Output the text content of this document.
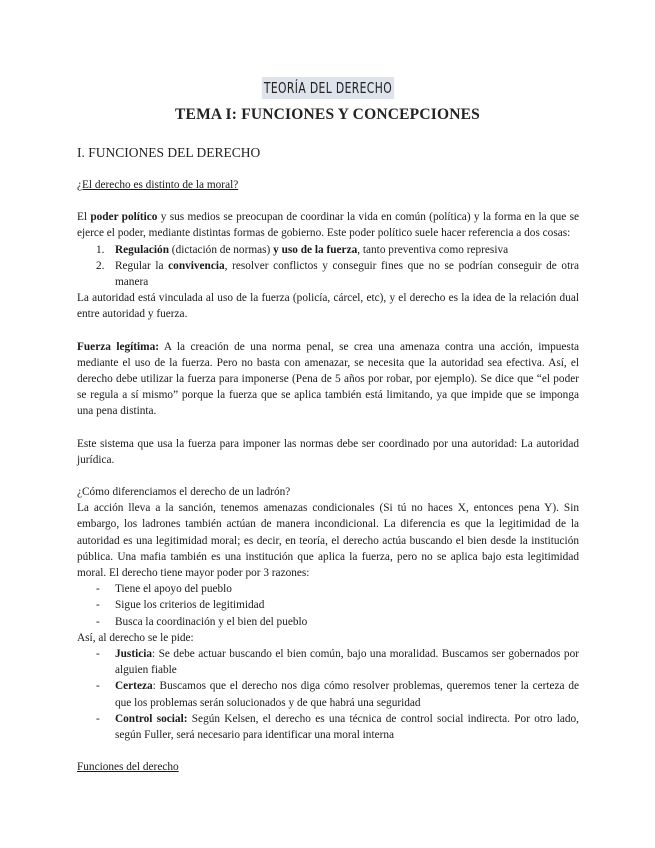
TEORÍA DEL DERECHO
TEMA I: FUNCIONES Y CONCEPCIONES
I. FUNCIONES DEL DERECHO

¿El derecho es distinto de la moral?

El poder político y sus medios se preocupan de coordinar la vida en común (política) y la forma en la que se ejerce el poder, mediante distintas formas de gobierno. Este poder político suele hacer referencia a dos cosas:

1. Regulación (dictación de normas) y uso de la fuerza, tanto preventiva como represiva
2. Regular la convivencia, resolver conflictos y conseguir fines que no se podrían conseguir de otra manera

La autoridad está vinculada al uso de la fuerza (policía, cárcel, etc), y el derecho es la idea de la relación dual entre autoridad y fuerza.

Fuerza legítima: A la creación de una norma penal, se crea una amenaza contra una acción, impuesta mediante el uso de la fuerza. Pero no basta con amenazar, se necesita que la autoridad sea efectiva. Así, el derecho debe utilizar la fuerza para imponerse (Pena de 5 años por robar, por ejemplo). Se dice que “el poder se regula a sí mismo” porque la fuerza que se aplica también está limitando, ya que impide que se imponga una pena distinta.

Este sistema que usa la fuerza para imponer las normas debe ser coordinado por una autoridad: La autoridad jurídica.

¿Cómo diferenciamos el derecho de un ladrón?

La acción lleva a la sanción, tenemos amenazas condicionales (Si tú no haces X, entonces pena Y). Sin embargo, los ladrones también actúan de manera incondicional. La diferencia es que la legitimidad de la autoridad es una legitimidad moral; es decir, en teoría, el derecho actúa buscando el bien desde la institución pública. Una mafia también es una institución que aplica la fuerza, pero no se aplica bajo esta legitimidad moral. El derecho tiene mayor poder por 3 razones:

- Tiene el apoyo del pueblo
- Sigue los criterios de legitimidad
- Busca la coordinación y el bien del pueblo

Así, al derecho se le pide:

- Justicia: Se debe actuar buscando el bien común, bajo una moralidad. Buscamos ser gobernados por alguien fiable
- Certeza: Buscamos que el derecho nos diga cómo resolver problemas, queremos tener la certeza de que los problemas serán solucionados y de que habrá una seguridad
- Control social: Según Kelsen, el derecho es una técnica de control social indirecta. Por otro lado, según Fuller, será necesario para identificar una moral interna

Funciones del derecho
